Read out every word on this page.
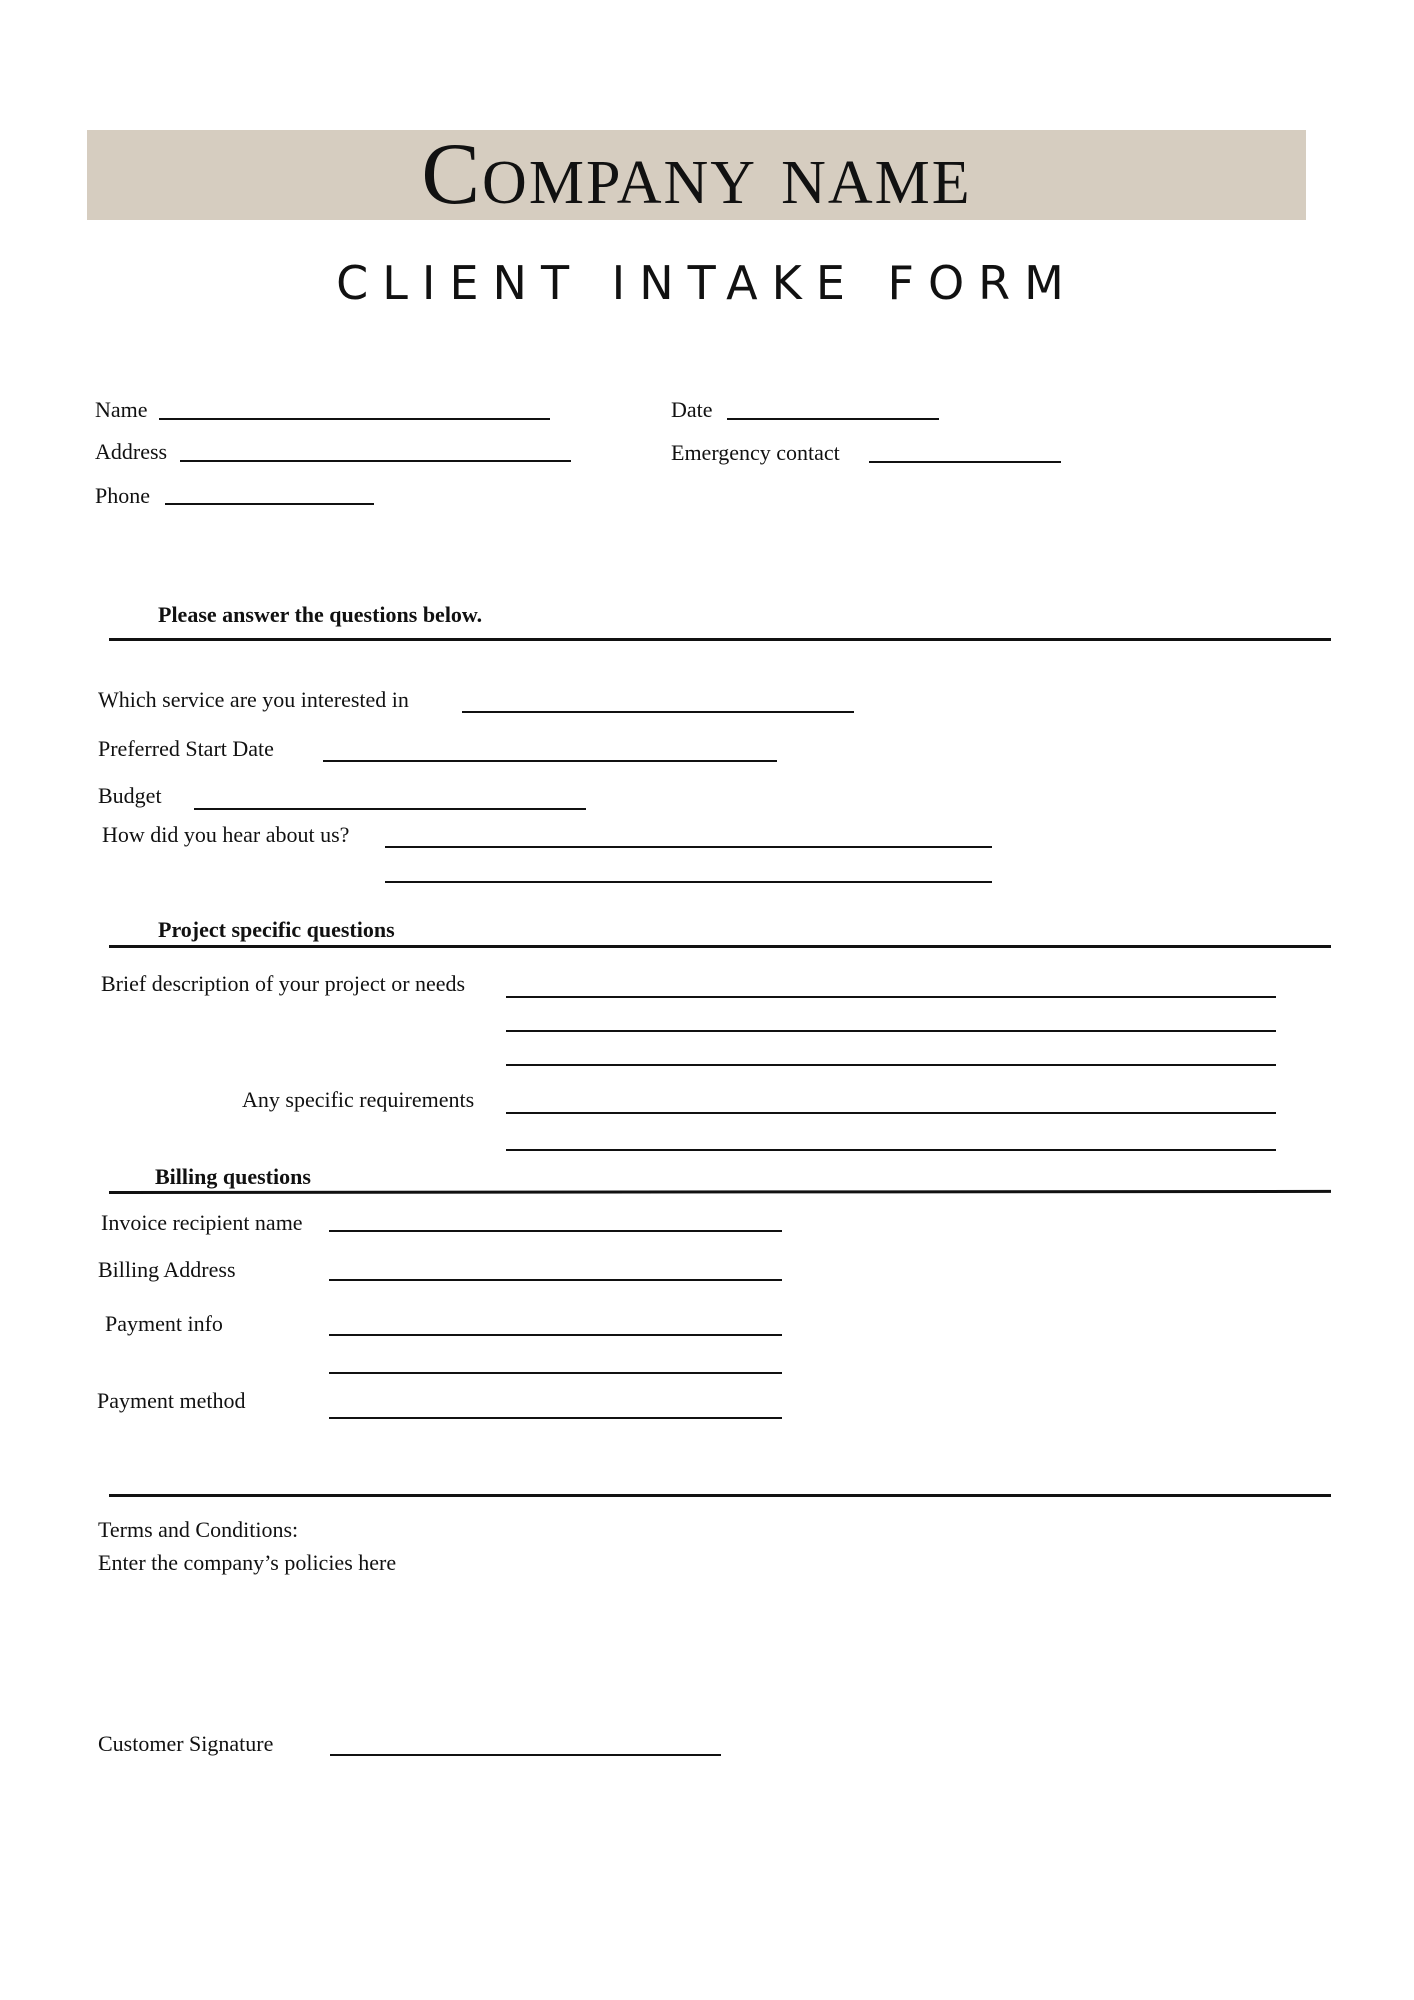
Company name
CLIENT INTAKE FORM
Name
Address
Phone
Date
Emergency contact
Please answer the questions below.
Which service are you interested in
Preferred Start Date
Budget
How did you hear about us?
Project specific questions
Brief description of your project or needs
Any specific requirements
Billing questions
Invoice recipient name
Billing Address
Payment info
Payment method
Terms and Conditions:
Enter the company’s policies here
Customer Signature
